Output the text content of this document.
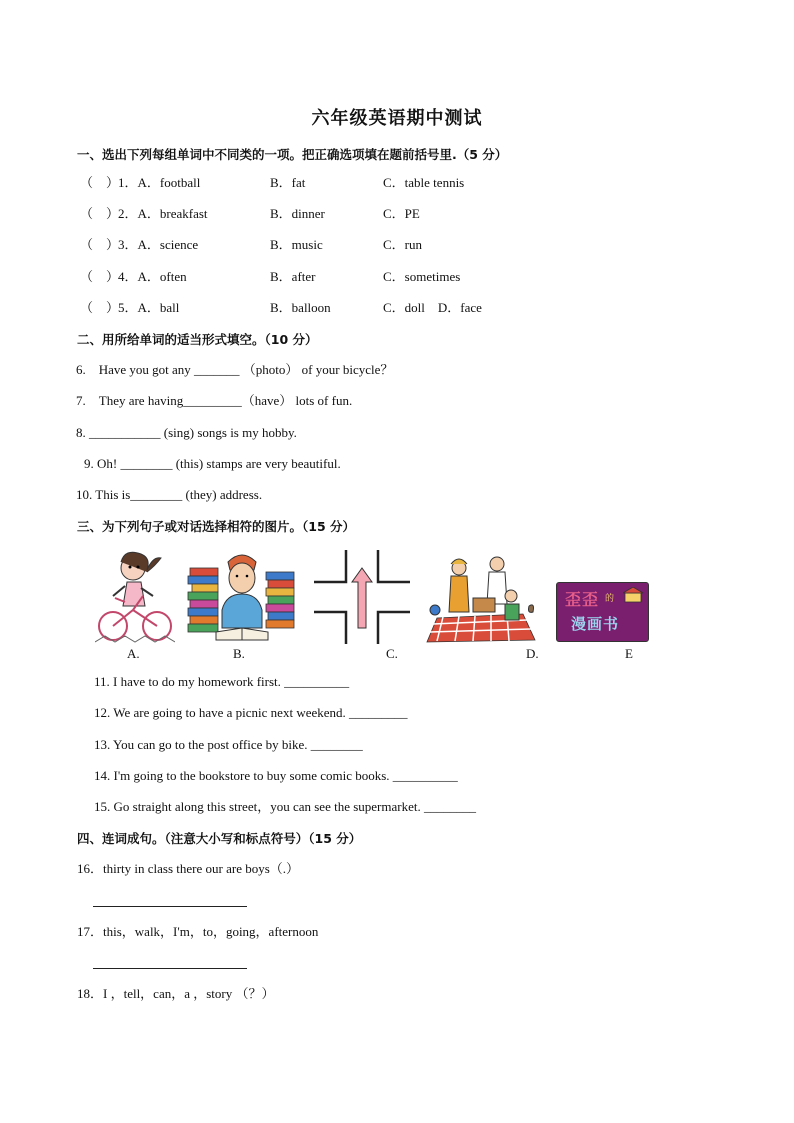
六年级英语期中测试
一、选出下列每组单词中不同类的一项。把正确选项填在题前括号里.（5 分）
（　）
1．A．football	B．fat	C．table tennis
（　）
2．A．breakfast	B．dinner	C．PE
（　）
3．A．science	B．music	C．run
（　）
4．A．often	B．after	C．sometimes
（　）
5．A．ball	B．balloon	C．doll　D．face
二、用所给单词的适当形式填空。（10 分）
6.　Have you got any _______ （photo） of your bicycle？
7.　They are having_________（have） lots of fun.
8. ___________ (sing) songs is my hobby.
9. Oh! ________ (this) stamps are very beautiful.
10. This is________ (they) address.
三、为下列句子或对话选择相符的图片。（15 分）
歪歪 的
漫画书
A.	B.	C.	D.	E
11. I have to do my homework first. __________
12. We are going to have a picnic next weekend. _________
13. You can go to the post office by bike. ________
14. I'm going to the bookstore to buy some comic books. __________
15. Go straight along this street，you can see the supermarket. ________
四、连词成句。（注意大小写和标点符号）（15 分）
16．thirty in class there our are boys（.）
17．this，walk，I'm，to，going，afternoon
18．I ，tell，can，a ，story （？）
